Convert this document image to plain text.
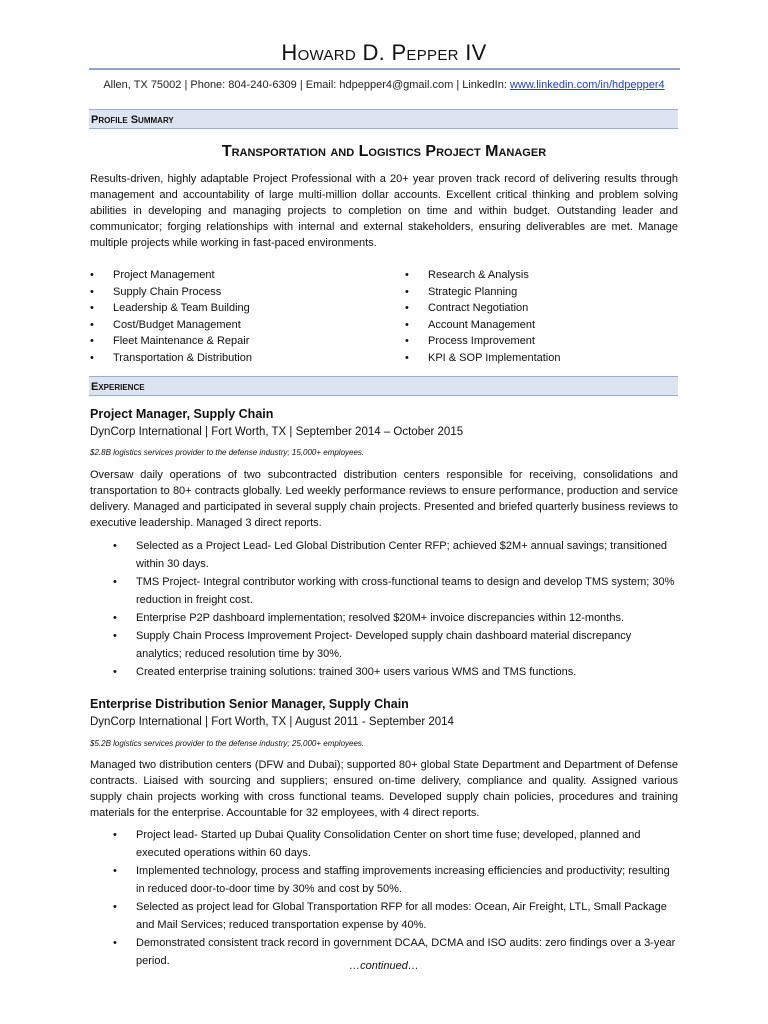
Howard D. Pepper IV
Allen, TX 75002 | Phone: 804-240-6309 | Email: hdpepper4@gmail.com | LinkedIn: www.linkedin.com/in/hdpepper4
Profile Summary
Transportation and Logistics Project Manager
Results-driven, highly adaptable Project Professional with a 20+ year proven track record of delivering results through management and accountability of large multi-million dollar accounts. Excellent critical thinking and problem solving abilities in developing and managing projects to completion on time and within budget. Outstanding leader and communicator; forging relationships with internal and external stakeholders, ensuring deliverables are met. Manage multiple projects while working in fast-paced environments.
• Project Management
• Supply Chain Process
• Leadership & Team Building
• Cost/Budget Management
• Fleet Maintenance & Repair
• Transportation & Distribution
• Research & Analysis
• Strategic Planning
• Contract Negotiation
• Account Management
• Process Improvement
• KPI & SOP Implementation
Experience
Project Manager, Supply Chain
DynCorp International | Fort Worth, TX | September 2014 – October 2015
$2.8B logistics services provider to the defense industry; 15,000+ employees.
Oversaw daily operations of two subcontracted distribution centers responsible for receiving, consolidations and transportation to 80+ contracts globally. Led weekly performance reviews to ensure performance, production and service delivery. Managed and participated in several supply chain projects. Presented and briefed quarterly business reviews to executive leadership. Managed 3 direct reports.
• Selected as a Project Lead- Led Global Distribution Center RFP; achieved $2M+ annual savings; transitioned within 30 days.
• TMS Project- Integral contributor working with cross-functional teams to design and develop TMS system; 30% reduction in freight cost.
• Enterprise P2P dashboard implementation; resolved $20M+ invoice discrepancies within 12-months.
• Supply Chain Process Improvement Project- Developed supply chain dashboard material discrepancy analytics; reduced resolution time by 30%.
• Created enterprise training solutions: trained 300+ users various WMS and TMS functions.
Enterprise Distribution Senior Manager, Supply Chain
DynCorp International | Fort Worth, TX | August 2011 - September 2014
$5.2B logistics services provider to the defense industry; 25,000+ employees.
Managed two distribution centers (DFW and Dubai); supported 80+ global State Department and Department of Defense contracts. Liaised with sourcing and suppliers; ensured on-time delivery, compliance and quality. Assigned various supply chain projects working with cross functional teams. Developed supply chain policies, procedures and training materials for the enterprise. Accountable for 32 employees, with 4 direct reports.
• Project lead- Started up Dubai Quality Consolidation Center on short time fuse; developed, planned and executed operations within 60 days.
• Implemented technology, process and staffing improvements increasing efficiencies and productivity; resulting in reduced door-to-door time by 30% and cost by 50%.
• Selected as project lead for Global Transportation RFP for all modes: Ocean, Air Freight, LTL, Small Package and Mail Services; reduced transportation expense by 40%.
• Demonstrated consistent track record in government DCAA, DCMA and ISO audits: zero findings over a 3-year period.	…continued…
